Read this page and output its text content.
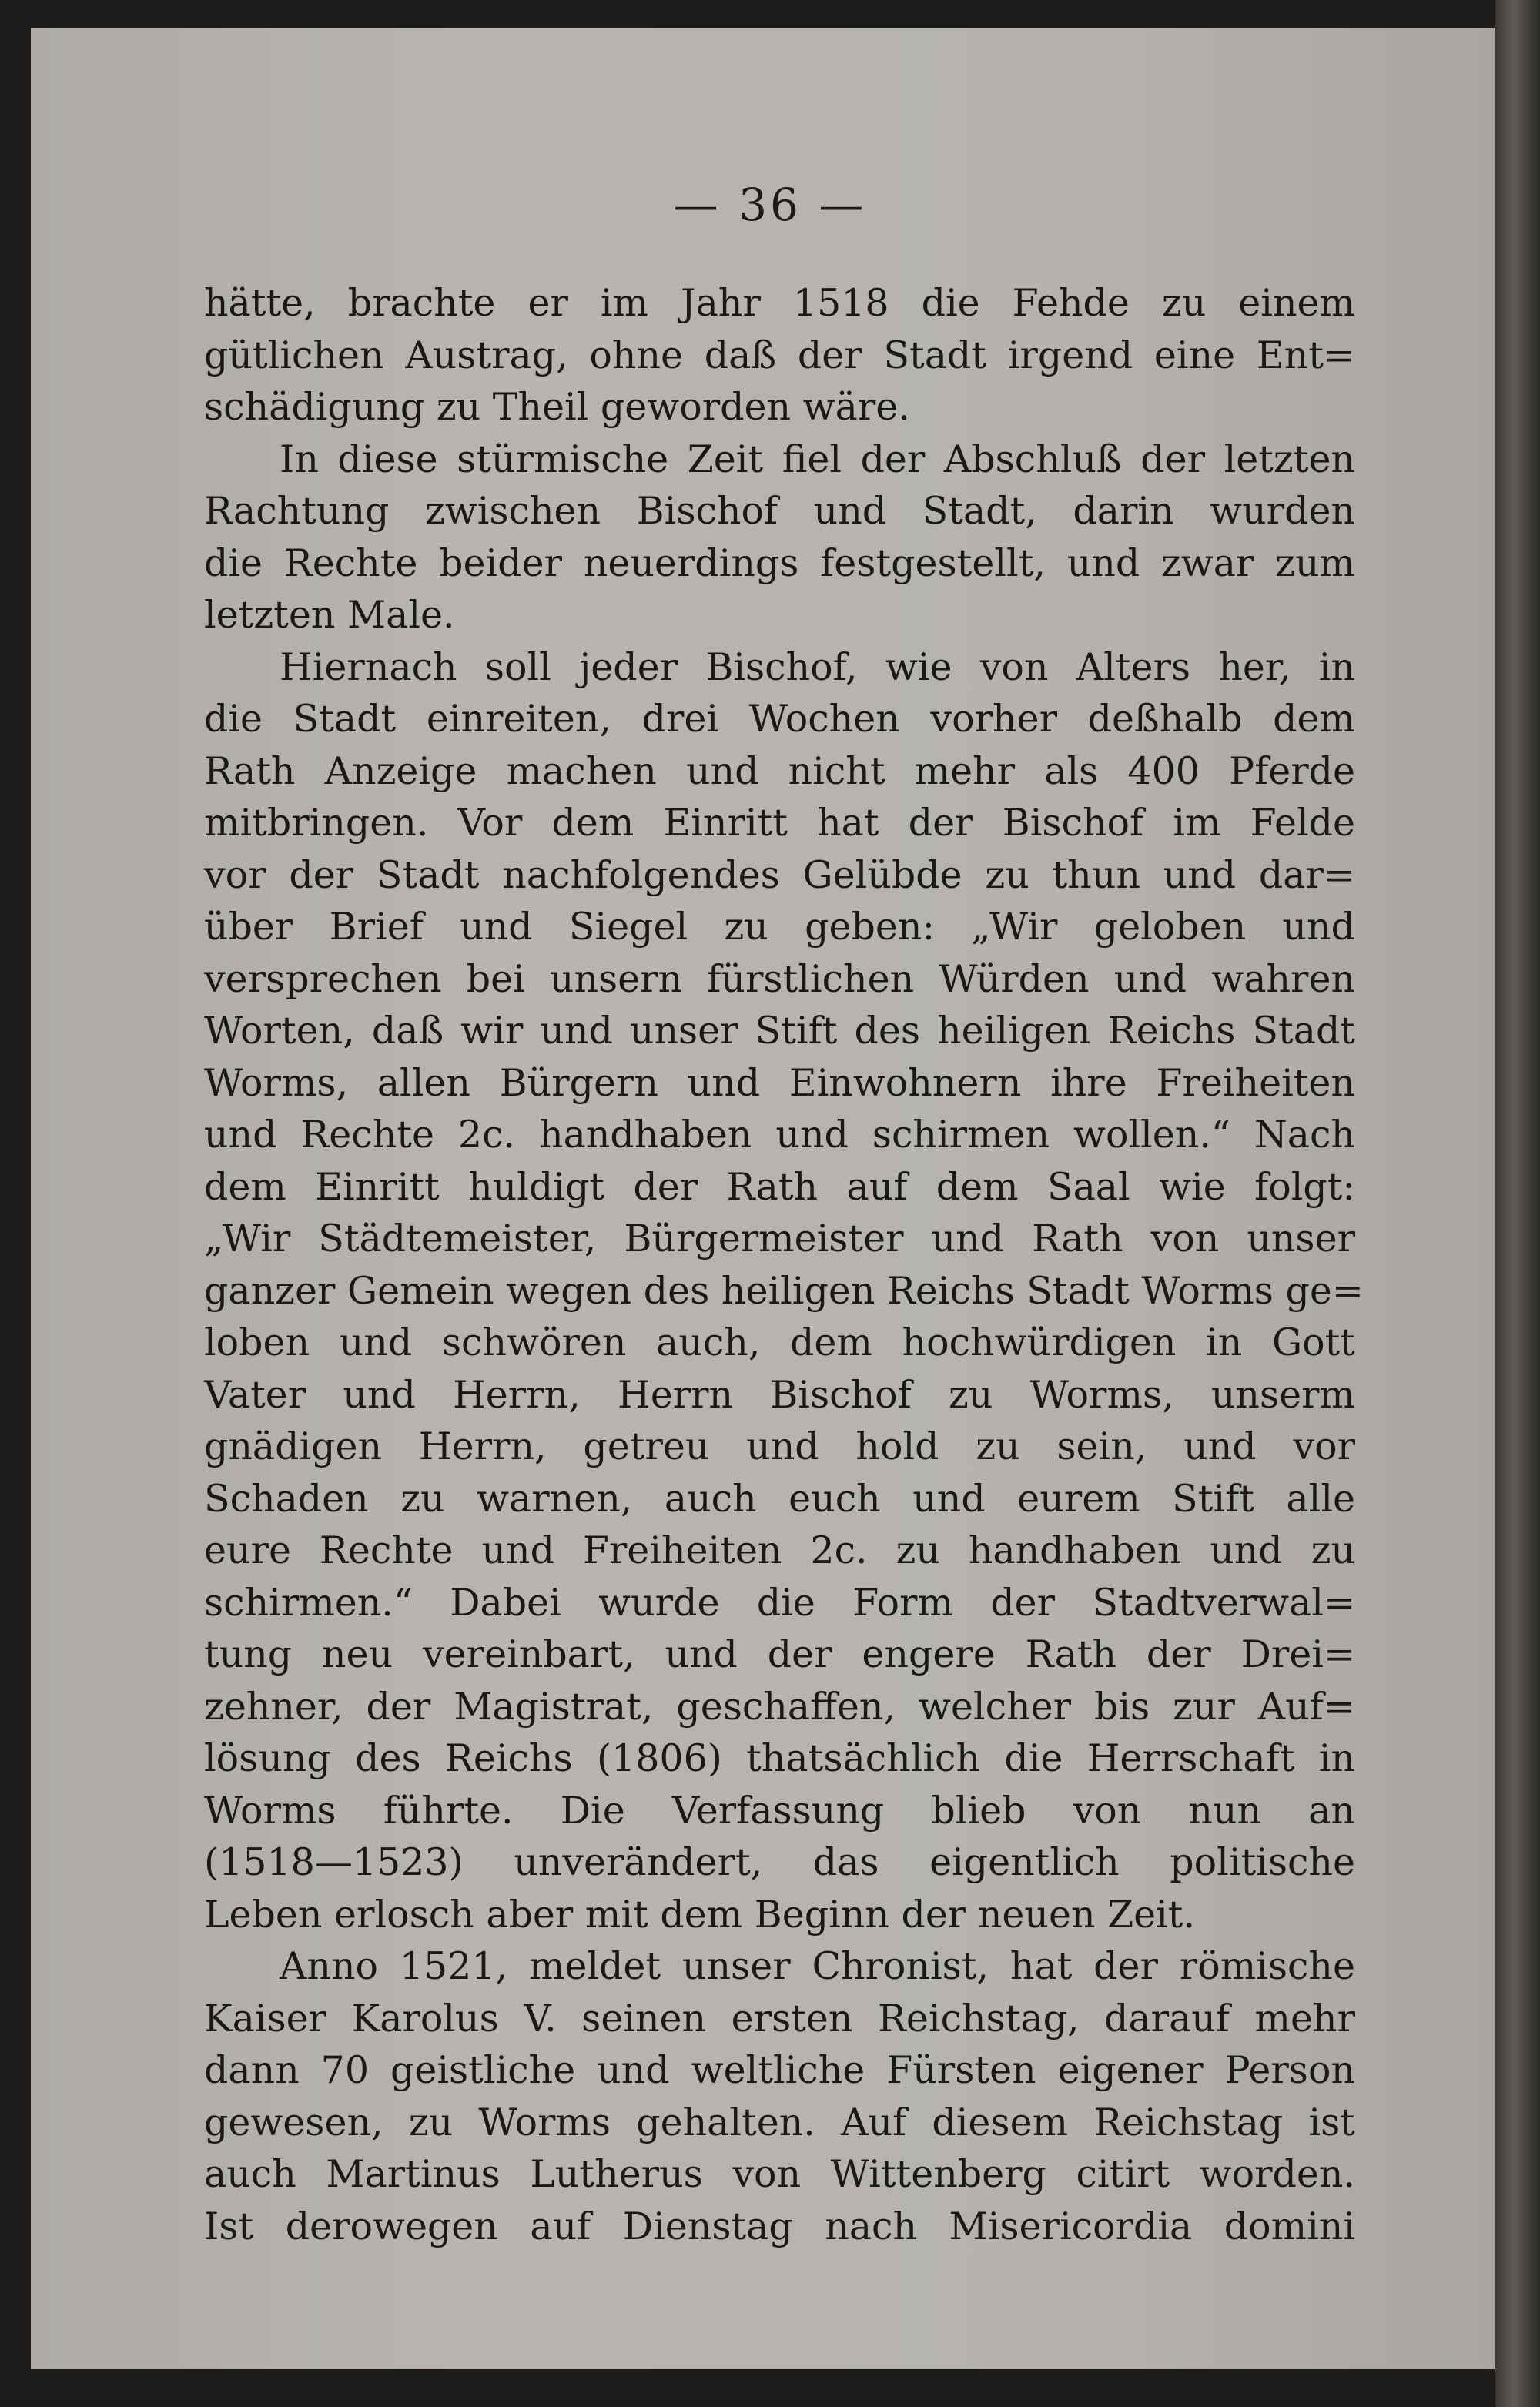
— 36 —
hätte, brachte er im Jahr 1518 die Fehde zu einem
gütlichen Austrag, ohne daß der Stadt irgend eine Ent=
schädigung zu Theil geworden wäre.
In diese stürmische Zeit fiel der Abschluß der letzten
Rachtung zwischen Bischof und Stadt, darin wurden
die Rechte beider neuerdings festgestellt, und zwar zum
letzten Male.
Hiernach soll jeder Bischof, wie von Alters her, in
die Stadt einreiten, drei Wochen vorher deßhalb dem
Rath Anzeige machen und nicht mehr als 400 Pferde
mitbringen. Vor dem Einritt hat der Bischof im Felde
vor der Stadt nachfolgendes Gelübde zu thun und dar=
über Brief und Siegel zu geben: „Wir geloben und
versprechen bei unsern fürstlichen Würden und wahren
Worten, daß wir und unser Stift des heiligen Reichs Stadt
Worms, allen Bürgern und Einwohnern ihre Freiheiten
und Rechte 2c. handhaben und schirmen wollen.“ Nach
dem Einritt huldigt der Rath auf dem Saal wie folgt:
„Wir Städtemeister, Bürgermeister und Rath von unser
ganzer Gemein wegen des heiligen Reichs Stadt Worms ge=
loben und schwören auch, dem hochwürdigen in Gott
Vater und Herrn, Herrn Bischof zu Worms, unserm
gnädigen Herrn, getreu und hold zu sein, und vor
Schaden zu warnen, auch euch und eurem Stift alle
eure Rechte und Freiheiten 2c. zu handhaben und zu
schirmen.“ Dabei wurde die Form der Stadtverwal=
tung neu vereinbart, und der engere Rath der Drei=
zehner, der Magistrat, geschaffen, welcher bis zur Auf=
lösung des Reichs (1806) thatsächlich die Herrschaft in
Worms führte. Die Verfassung blieb von nun an
(1518—1523) unverändert, das eigentlich politische
Leben erlosch aber mit dem Beginn der neuen Zeit.
Anno 1521, meldet unser Chronist, hat der römische
Kaiser Karolus V. seinen ersten Reichstag, darauf mehr
dann 70 geistliche und weltliche Fürsten eigener Person
gewesen, zu Worms gehalten. Auf diesem Reichstag ist
auch Martinus Lutherus von Wittenberg citirt worden.
Ist derowegen auf Dienstag nach Misericordia domini
